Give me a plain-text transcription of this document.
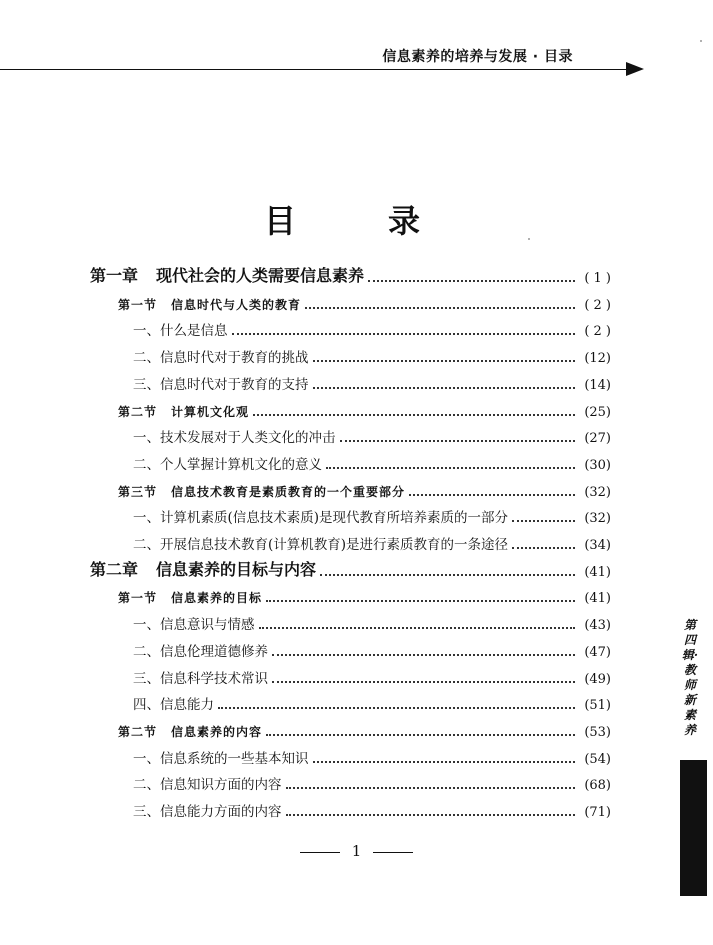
信息素养的培养与发展 · 目录
目	录
第一章 现代社会的人类需要信息素养	( 1 )
第一节 信息时代与人类的教育	( 2 )
一、什么是信息	( 2 )
二、信息时代对于教育的挑战	(12)
三、信息时代对于教育的支持	(14)
第二节 计算机文化观	(25)
一、技术发展对于人类文化的冲击	(27)
二、个人掌握计算机文化的意义	(30)
第三节 信息技术教育是素质教育的一个重要部分	(32)
一、计算机素质(信息技术素质)是现代教育所培养素质的一部分	(32)
二、开展信息技术教育(计算机教育)是进行素质教育的一条途径	(34)
第二章 信息素养的目标与内容	(41)
第一节 信息素养的目标	(41)
一、信息意识与情感	(43)
二、信息伦理道德修养	(47)
三、信息科学技术常识	(49)
四、信息能力	(51)
第二节 信息素养的内容	(53)
一、信息系统的一些基本知识	(54)
二、信息知识方面的内容	(68)
三、信息能力方面的内容	(71)
第四辑·教师新素养
1
